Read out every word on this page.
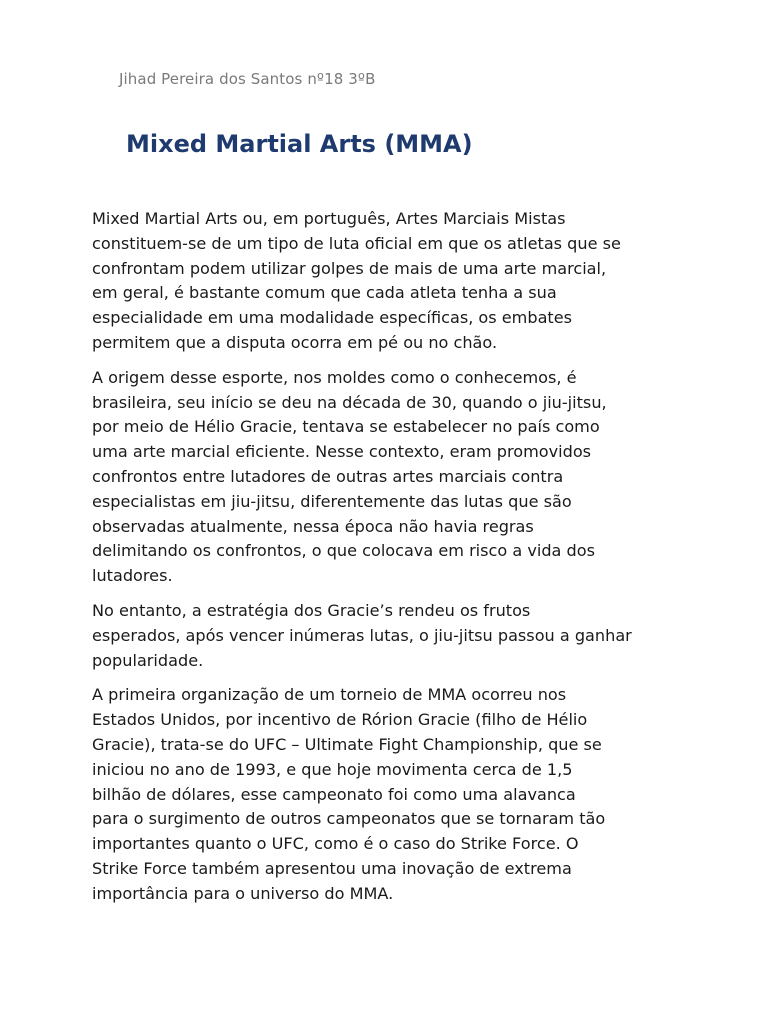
Jihad Pereira dos Santos nº18 3ºB
Mixed Martial Arts (MMA)

Mixed Martial Arts ou, em português, Artes Marciais Mistas
constituem-se de um tipo de luta oficial em que os atletas que se
confrontam podem utilizar golpes de mais de uma arte marcial,
em geral, é bastante comum que cada atleta tenha a sua
especialidade em uma modalidade específicas, os embates
permitem que a disputa ocorra em pé ou no chão.

A origem desse esporte, nos moldes como o conhecemos, é
brasileira, seu início se deu na década de 30, quando o jiu-jitsu,
por meio de Hélio Gracie, tentava se estabelecer no país como
uma arte marcial eficiente. Nesse contexto, eram promovidos
confrontos entre lutadores de outras artes marciais contra
especialistas em jiu-jitsu, diferentemente das lutas que são
observadas atualmente, nessa época não havia regras
delimitando os confrontos, o que colocava em risco a vida dos
lutadores.

No entanto, a estratégia dos Gracie’s rendeu os frutos
esperados, após vencer inúmeras lutas, o jiu-jitsu passou a ganhar
popularidade.

A primeira organização de um torneio de MMA ocorreu nos
Estados Unidos, por incentivo de Rórion Gracie (filho de Hélio
Gracie), trata-se do UFC – Ultimate Fight Championship, que se
iniciou no ano de 1993, e que hoje movimenta cerca de 1,5
bilhão de dólares, esse campeonato foi como uma alavanca
para o surgimento de outros campeonatos que se tornaram tão
importantes quanto o UFC, como é o caso do Strike Force. O
Strike Force também apresentou uma inovação de extrema
importância para o universo do MMA.
